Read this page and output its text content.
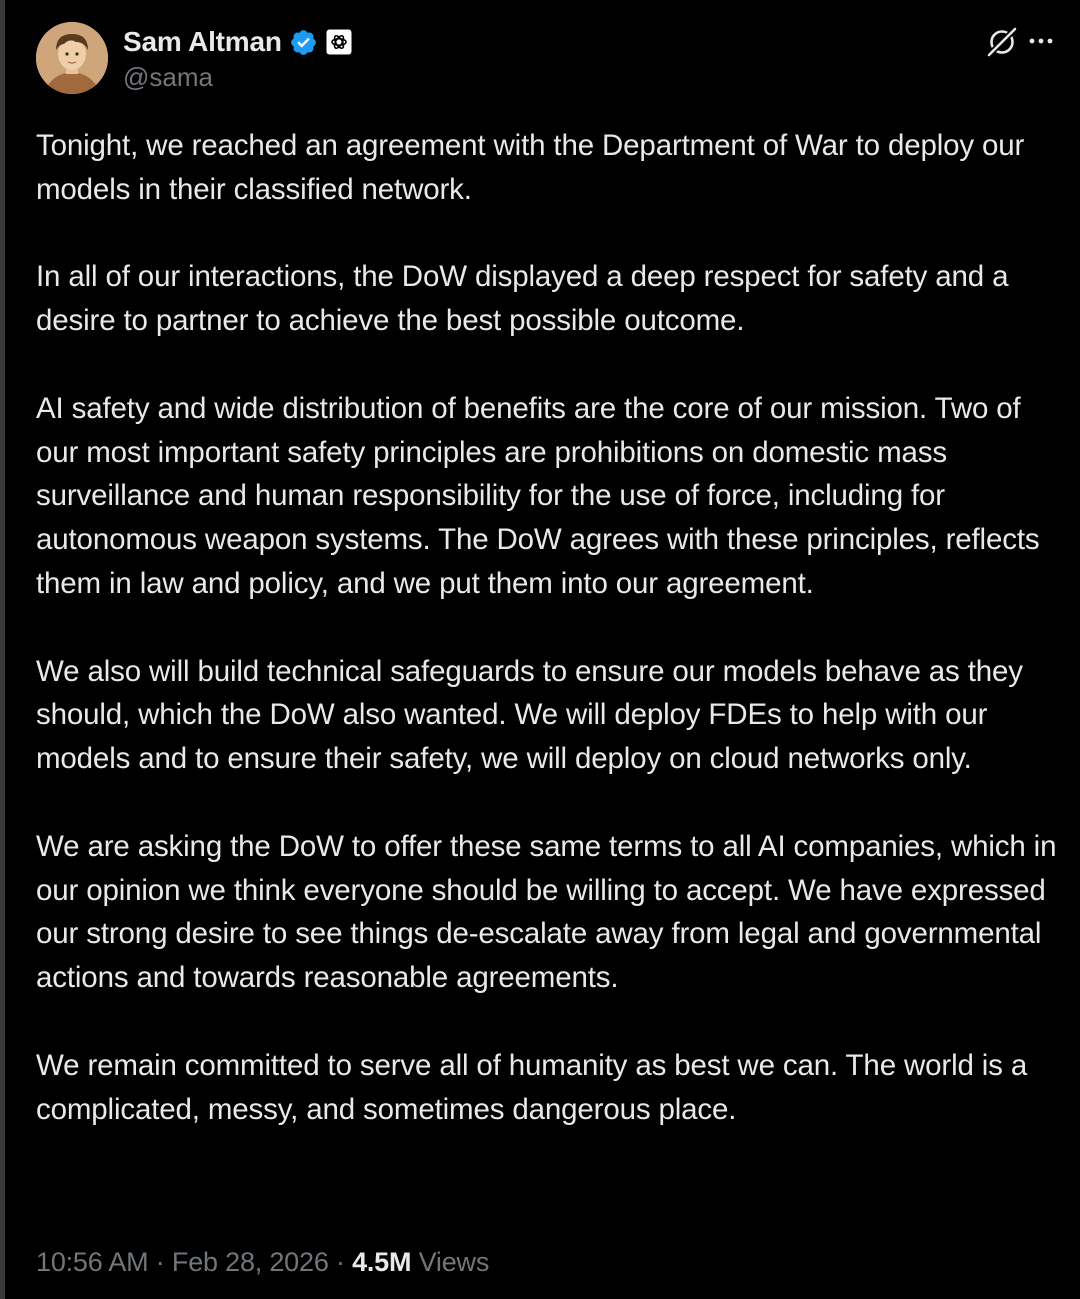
Sam Altman
@sama

Tonight, we reached an agreement with the Department of War to deploy our models in their classified network.

In all of our interactions, the DoW displayed a deep respect for safety and a desire to partner to achieve the best possible outcome.

AI safety and wide distribution of benefits are the core of our mission. Two of our most important safety principles are prohibitions on domestic mass surveillance and human responsibility for the use of force, including for autonomous weapon systems. The DoW agrees with these principles, reflects them in law and policy, and we put them into our agreement.

We also will build technical safeguards to ensure our models behave as they should, which the DoW also wanted. We will deploy FDEs to help with our models and to ensure their safety, we will deploy on cloud networks only.

We are asking the DoW to offer these same terms to all AI companies, which in our opinion we think everyone should be willing to accept. We have expressed our strong desire to see things de-escalate away from legal and governmental actions and towards reasonable agreements.

We remain committed to serve all of humanity as best we can. The world is a complicated, messy, and sometimes dangerous place.

10:56 AM · Feb 28, 2026 · 4.5M Views
